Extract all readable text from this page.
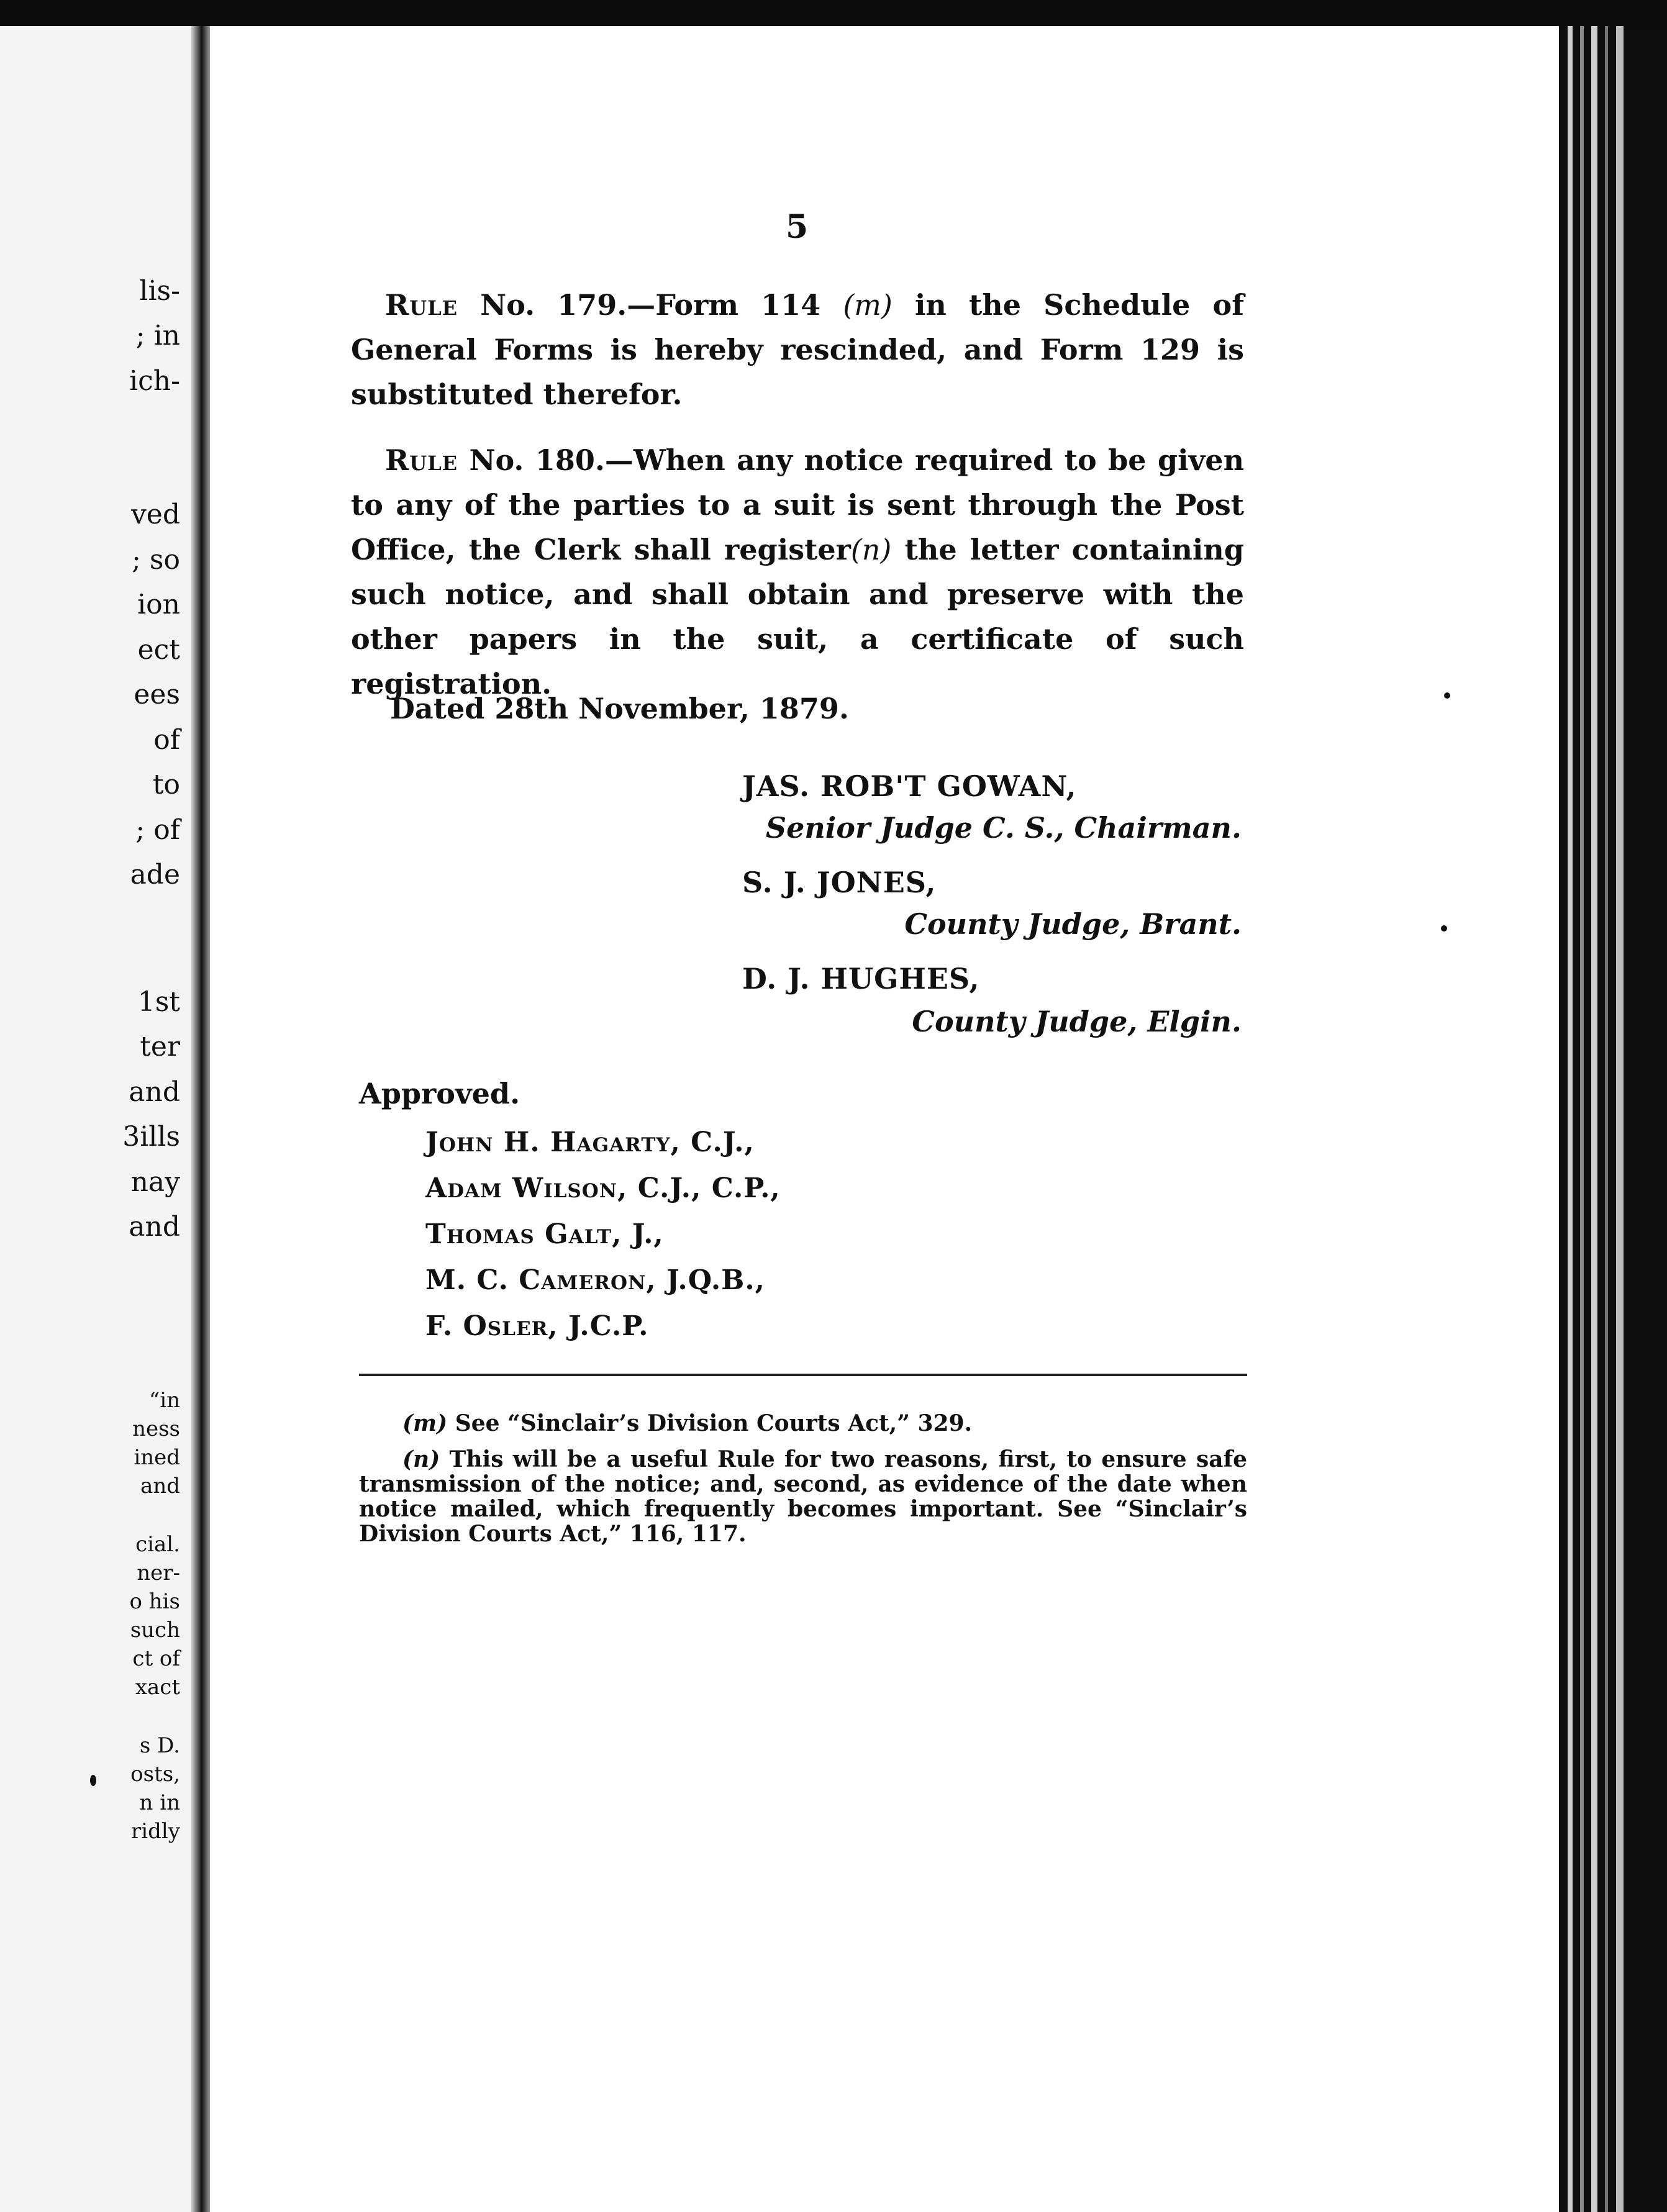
lis-
; in
ich-
ved
; so
ion
ect
ees
of
to
; of
ade
1st
ter
and
3ills
nay
and
“in
ness
ined
and
cial.
ner-
o his
such
ct of
xact
s D.
osts,
n in
ridly
5

Rule No. 179.—Form 114 (m) in the Schedule of General Forms is hereby rescinded, and Form 129 is substituted therefor.

Rule No. 180.—When any notice required to be given to any of the parties to a suit is sent through the Post Office, the Clerk shall register(n) the letter containing such notice, and shall obtain and preserve with the other papers in the suit, a certificate of such registration.

Dated 28th November, 1879.
JAS. ROB'T GOWAN,
Senior Judge C. S., Chairman.
S. J. JONES,
County Judge, Brant.
D. J. HUGHES,
County Judge, Elgin.
Approved.
John H. Hagarty, C.J.,
Adam Wilson, C.J., C.P.,
Thomas Galt, J.,
M. C. Cameron, J.Q.B.,
F. Osler, J.C.P.

(m) See “Sinclair’s Division Courts Act,” 329.

(n) This will be a useful Rule for two reasons, first, to ensure safe transmission of the notice; and, second, as evidence of the date when notice mailed, which frequently becomes important. See “Sinclair’s Division Courts Act,” 116, 117.
